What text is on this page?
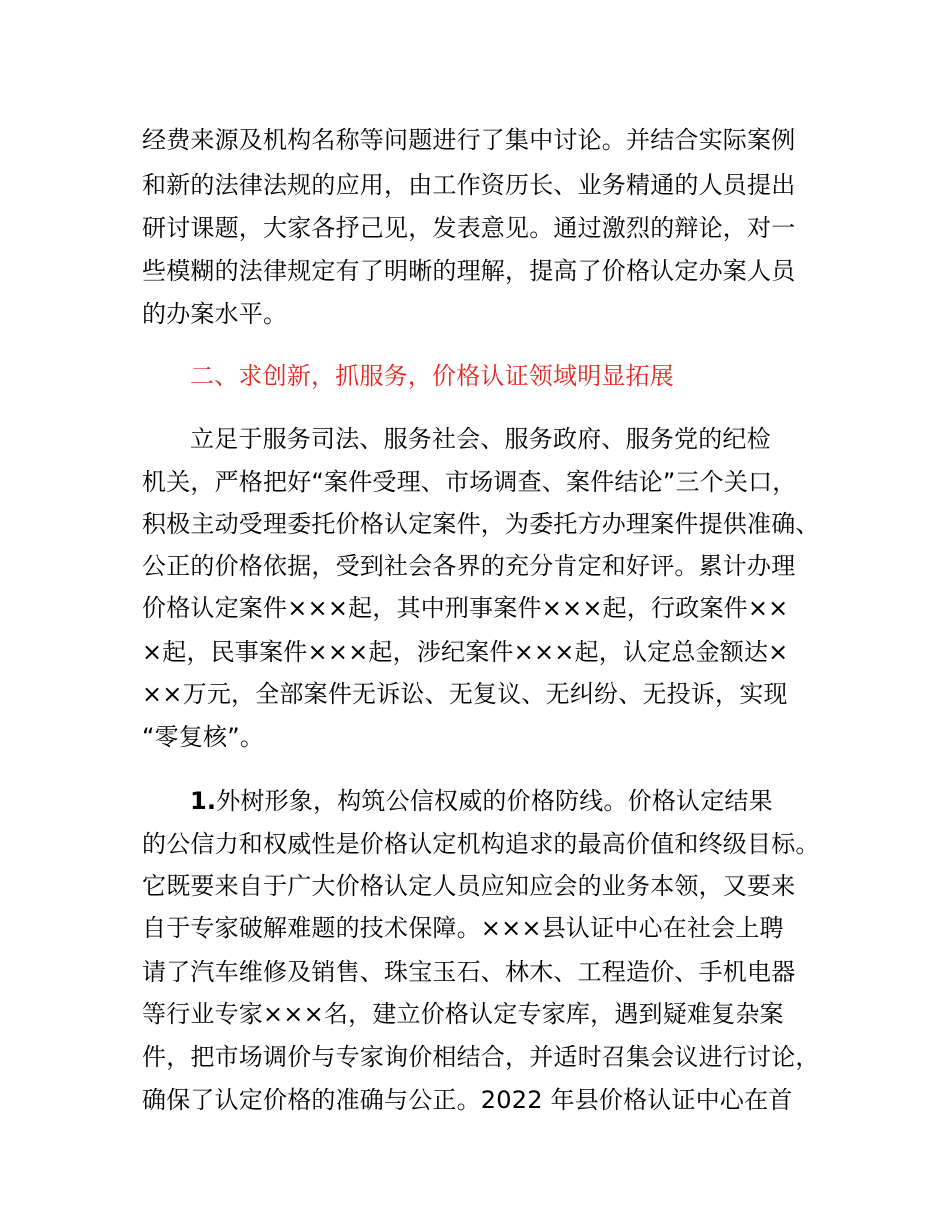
经费来源及机构名称等问题进行了集中讨论。并结合实际案例
和新的法律法规的应用，由工作资历长、业务精通的人员提出
研讨课题，大家各抒己见，发表意见。通过激烈的辩论，对一
些模糊的法律规定有了明晰的理解，提高了价格认定办案人员
的办案水平。
二、求创新，抓服务，价格认证领域明显拓展
立足于服务司法、服务社会、服务政府、服务党的纪检
机关，严格把好“案件受理、市场调查、案件结论”三个关口，
积极主动受理委托价格认定案件，为委托方办理案件提供准确、
公正的价格依据，受到社会各界的充分肯定和好评。累计办理
价格认定案件×××起，其中刑事案件×××起，行政案件××
×起，民事案件×××起，涉纪案件×××起，认定总金额达×
××万元，全部案件无诉讼、无复议、无纠纷、无投诉，实现
“零复核”。
1.外树形象，构筑公信权威的价格防线。价格认定结果
的公信力和权威性是价格认定机构追求的最高价值和终级目标。
它既要来自于广大价格认定人员应知应会的业务本领，又要来
自于专家破解难题的技术保障。×××县认证中心在社会上聘
请了汽车维修及销售、珠宝玉石、林木、工程造价、手机电器
等行业专家×××名，建立价格认定专家库，遇到疑难复杂案
件，把市场调价与专家询价相结合，并适时召集会议进行讨论，
确保了认定价格的准确与公正。2022 年县价格认证中心在首
